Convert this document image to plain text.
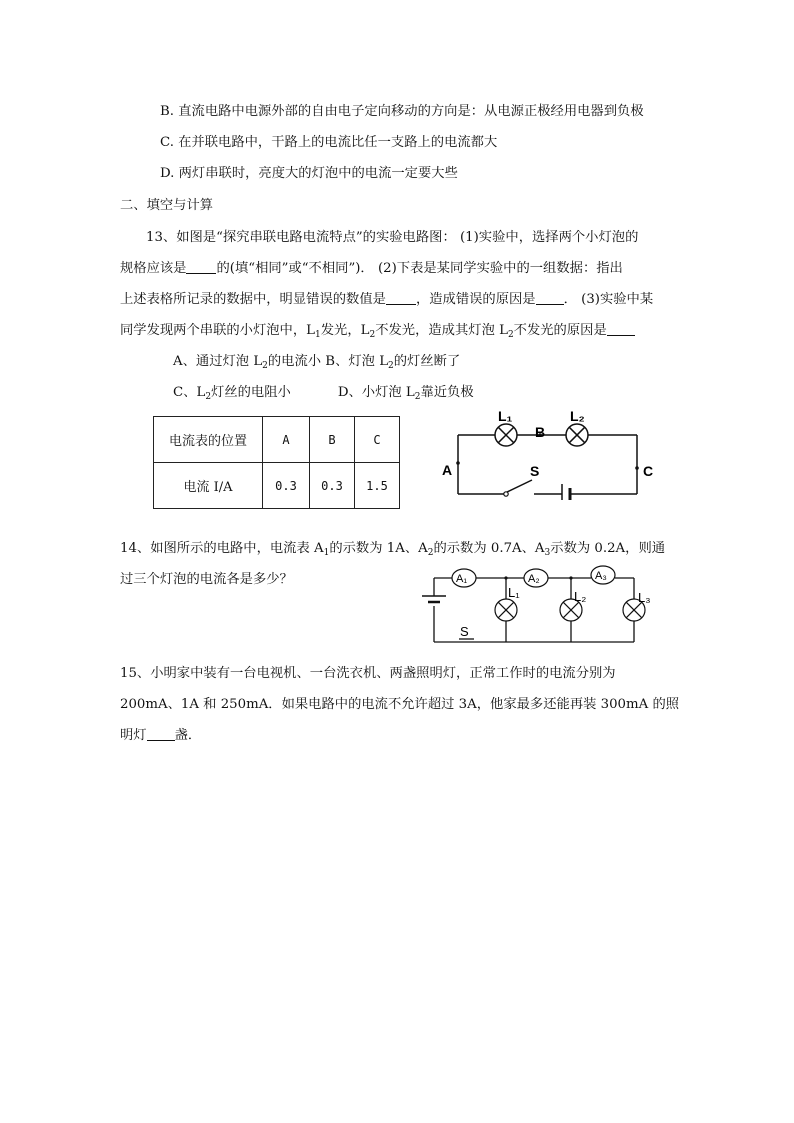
B. 直流电路中电源外部的自由电子定向移动的方向是：从电源正极经用电器到负极
C. 在并联电路中，干路上的电流比任一支路上的电流都大
D. 两灯串联时，亮度大的灯泡中的电流一定要大些
二、填空与计算
13、如图是“探究串联电路电流特点”的实验电路图： (1)实验中，选择两个小灯泡的
规格应该是 的(填“相同”或“不相同”)． (2)下表是某同学实验中的一组数据：指出
上述表格所记录的数据中，明显错误的数值是 ，造成错误的原因是 ． (3)实验中某
同学发现两个串联的小灯泡中，$L_1$发光，$L_2$不发光，造成其灯泡 $L_2$不发光的原因是
A、通过灯泡 $L_2$的电流小 B、灯泡 $L_2$的灯丝断了
C、$L_2$灯丝的电阻小	D、小灯泡 $L_2$靠近负极
电流表的位置	A	B	C
电流 I/A	0.3	0.3	1.5
L₁	L₂
B
A	C
S
14、如图所示的电路中，电流表 $A_1$的示数为 1A、$A_2$的示数为 0.7A、$A_3$示数为 0.2A，则通
过三个灯泡的电流各是多少？	A₁	A₂	A₃
L₁	L₂	L₃
S
15、小明家中装有一台电视机、一台洗衣机、两盏照明灯，正常工作时的电流分别为
200mA、1A 和 250mA．如果电路中的电流不允许超过 3A，他家最多还能再装 300mA 的照
明灯 盏．
